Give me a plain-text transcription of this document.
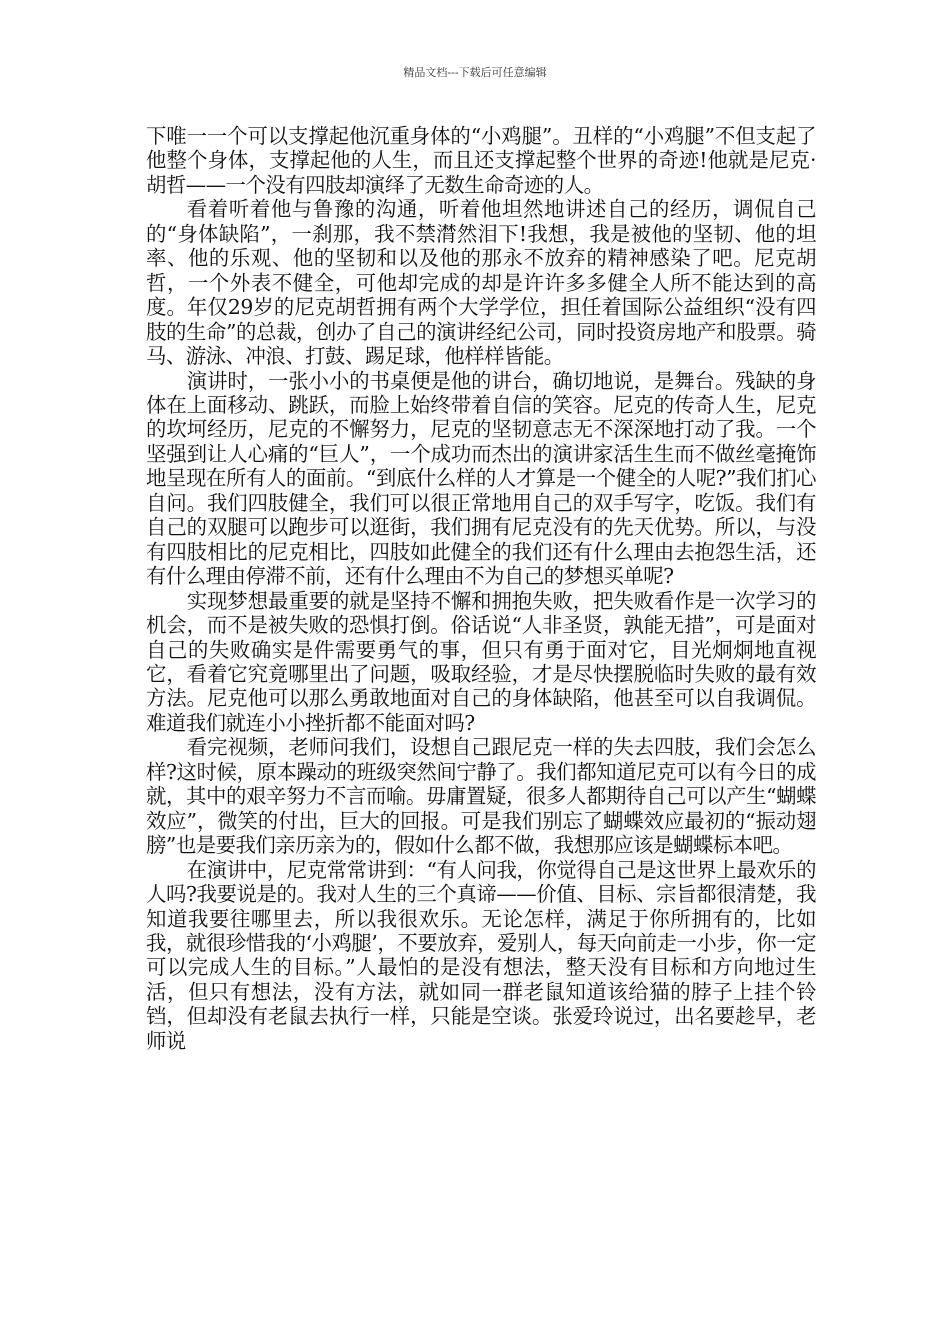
精品文档---下载后可任意编辑

下唯一一个可以支撑起他沉重身体的“小鸡腿”。丑样的“小鸡腿”不但支起了他整个身体，支撑起他的人生，而且还支撑起整个世界的奇迹!他就是尼克·胡哲——一个没有四肢却演绎了无数生命奇迹的人。

看着听着他与鲁豫的沟通，听着他坦然地讲述自己的经历，调侃自己的“身体缺陷”，一刹那，我不禁潸然泪下!我想，我是被他的坚韧、他的坦率、他的乐观、他的坚韧和以及他的那永不放弃的精神感染了吧。尼克胡哲，一个外表不健全，可他却完成的却是许许多多健全人所不能达到的高度。年仅29岁的尼克胡哲拥有两个大学学位，担任着国际公益组织“没有四肢的生命”的总裁，创办了自己的演讲经纪公司，同时投资房地产和股票。骑马、游泳、冲浪、打鼓、踢足球，他样样皆能。

演讲时，一张小小的书桌便是他的讲台，确切地说，是舞台。残缺的身体在上面移动、跳跃，而脸上始终带着自信的笑容。尼克的传奇人生，尼克的坎坷经历，尼克的不懈努力，尼克的坚韧意志无不深深地打动了我。一个坚强到让人心痛的“巨人”，一个成功而杰出的演讲家活生生而不做丝毫掩饰地呈现在所有人的面前。“到底什么样的人才算是一个健全的人呢?”我们扪心自问。我们四肢健全，我们可以很正常地用自己的双手写字，吃饭。我们有自己的双腿可以跑步可以逛街，我们拥有尼克没有的先天优势。所以，与没有四肢相比的尼克相比，四肢如此健全的我们还有什么理由去抱怨生活，还有什么理由停滞不前，还有什么理由不为自己的梦想买单呢?

实现梦想最重要的就是坚持不懈和拥抱失败，把失败看作是一次学习的机会，而不是被失败的恐惧打倒。俗话说“人非圣贤，孰能无措”，可是面对自己的失败确实是件需要勇气的事，但只有勇于面对它，目光炯炯地直视它，看着它究竟哪里出了问题，吸取经验，才是尽快摆脱临时失败的最有效方法。尼克他可以那么勇敢地面对自己的身体缺陷，他甚至可以自我调侃。难道我们就连小小挫折都不能面对吗?

看完视频，老师问我们，设想自己跟尼克一样的失去四肢，我们会怎么样?这时候，原本躁动的班级突然间宁静了。我们都知道尼克可以有今日的成就，其中的艰辛努力不言而喻。毋庸置疑，很多人都期待自己可以产生“蝴蝶效应”，微笑的付出，巨大的回报。可是我们别忘了蝴蝶效应最初的“振动翅膀”也是要我们亲历亲为的，假如什么都不做，我想那应该是蝴蝶标本吧。

在演讲中，尼克常常讲到：“有人问我，你觉得自己是这世界上最欢乐的人吗?我要说是的。我对人生的三个真谛——价值、目标、宗旨都很清楚，我知道我要往哪里去，所以我很欢乐。无论怎样，满足于你所拥有的，比如我，就很珍惜我的‘小鸡腿’，不要放弃，爱别人，每天向前走一小步，你一定可以完成人生的目标。”人最怕的是没有想法，整天没有目标和方向地过生活，但只有想法，没有方法，就如同一群老鼠知道该给猫的脖子上挂个铃铛，但却没有老鼠去执行一样，只能是空谈。张爱玲说过，出名要趁早，老师说
